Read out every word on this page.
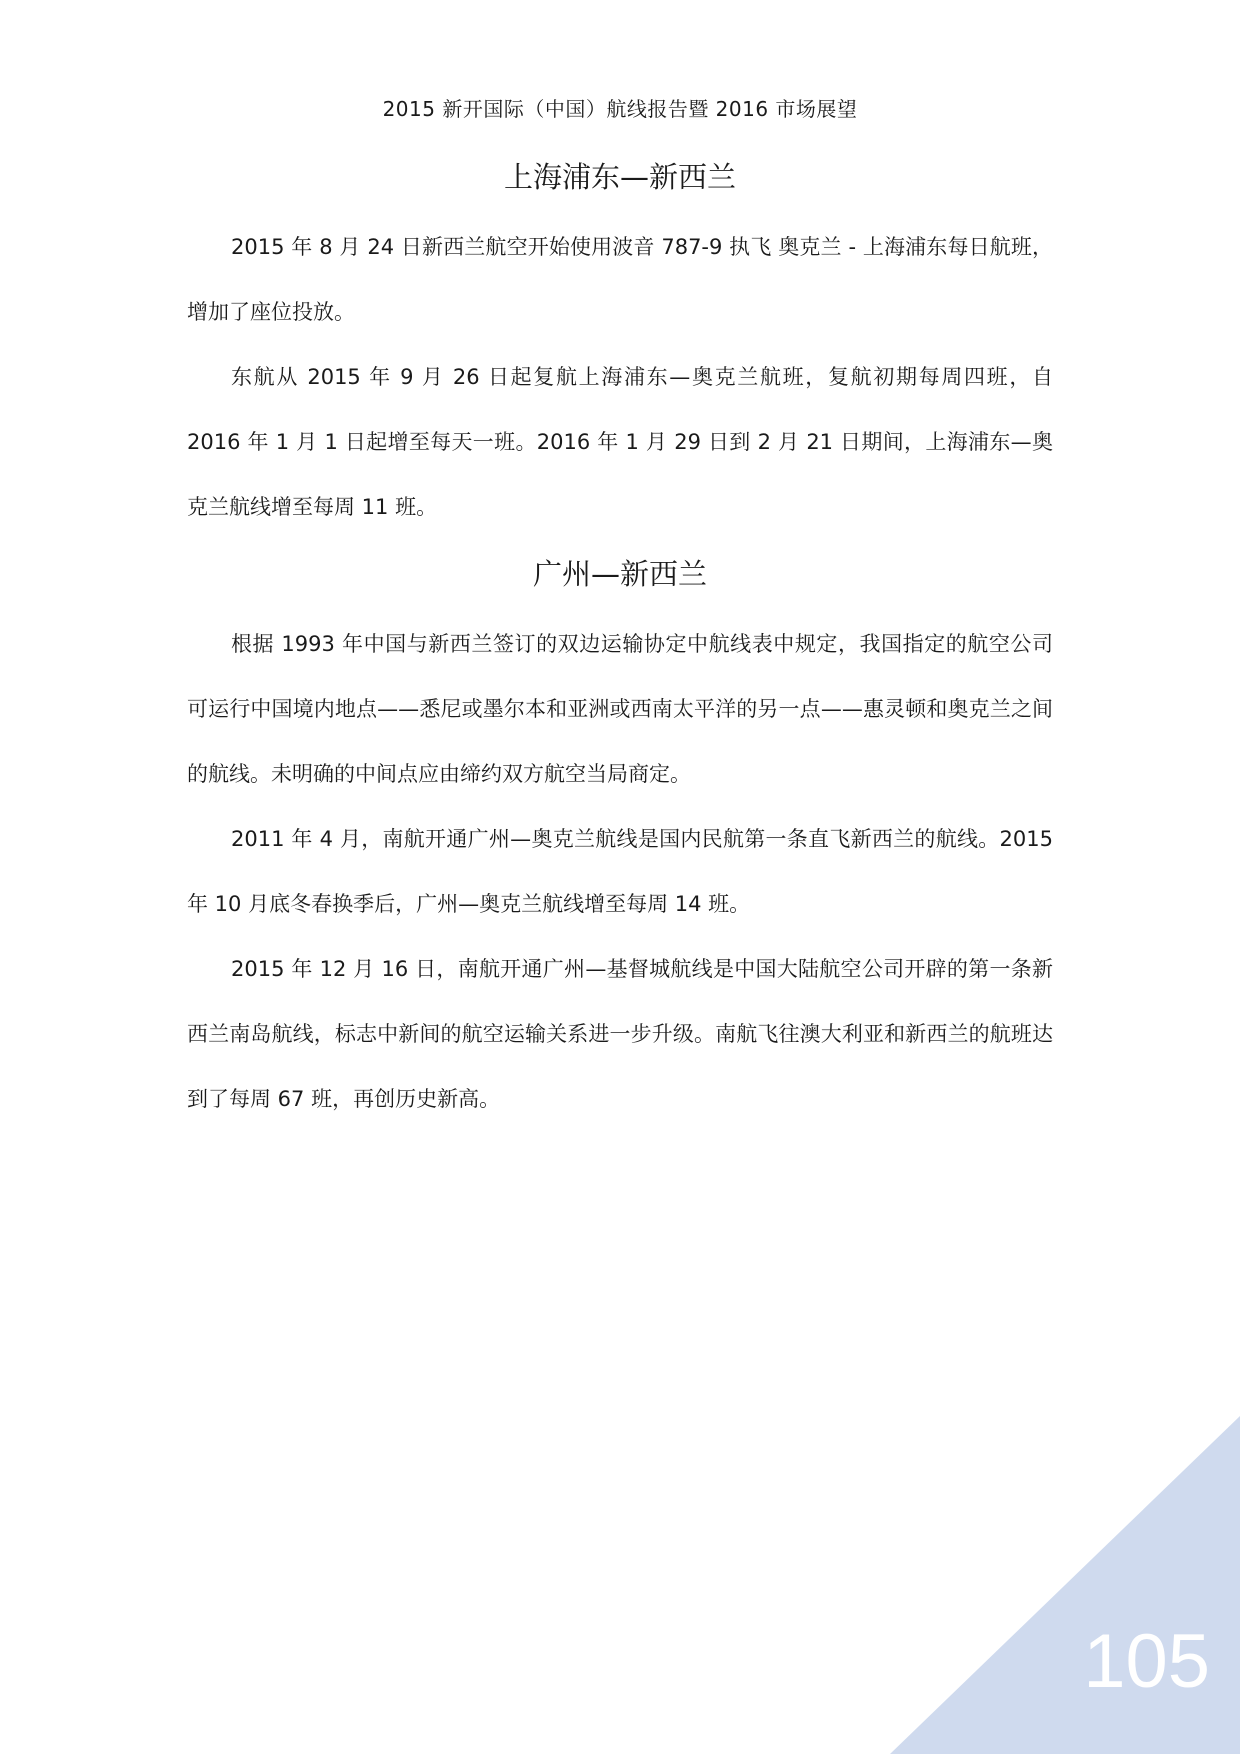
2015 新开国际（中国）航线报告暨 2016 市场展望
上海浦东—新西兰

2015 年 8 月 24 日新西兰航空开始使用波音 787-9 执飞 奥克兰 - 上海浦东每日航班，增加了座位投放。

东航从 2015 年 9 月 26 日起复航上海浦东—奥克兰航班，复航初期每周四班，自 2016 年 1 月 1 日起增至每天一班。2016 年 1 月 29 日到 2 月 21 日期间，上海浦东—奥克兰航线增至每周 11 班。

广州—新西兰

根据 1993 年中国与新西兰签订的双边运输协定中航线表中规定，我国指定的航空公司可运行中国境内地点——悉尼或墨尔本和亚洲或西南太平洋的另一点——惠灵顿和奥克兰之间的航线。未明确的中间点应由缔约双方航空当局商定。

2011 年 4 月，南航开通广州—奥克兰航线是国内民航第一条直飞新西兰的航线。2015 年 10 月底冬春换季后，广州—奥克兰航线增至每周 14 班。

2015 年 12 月 16 日，南航开通广州—基督城航线是中国大陆航空公司开辟的第一条新西兰南岛航线，标志中新间的航空运输关系进一步升级。南航飞往澳大利亚和新西兰的航班达到了每周 67 班，再创历史新高。

105
